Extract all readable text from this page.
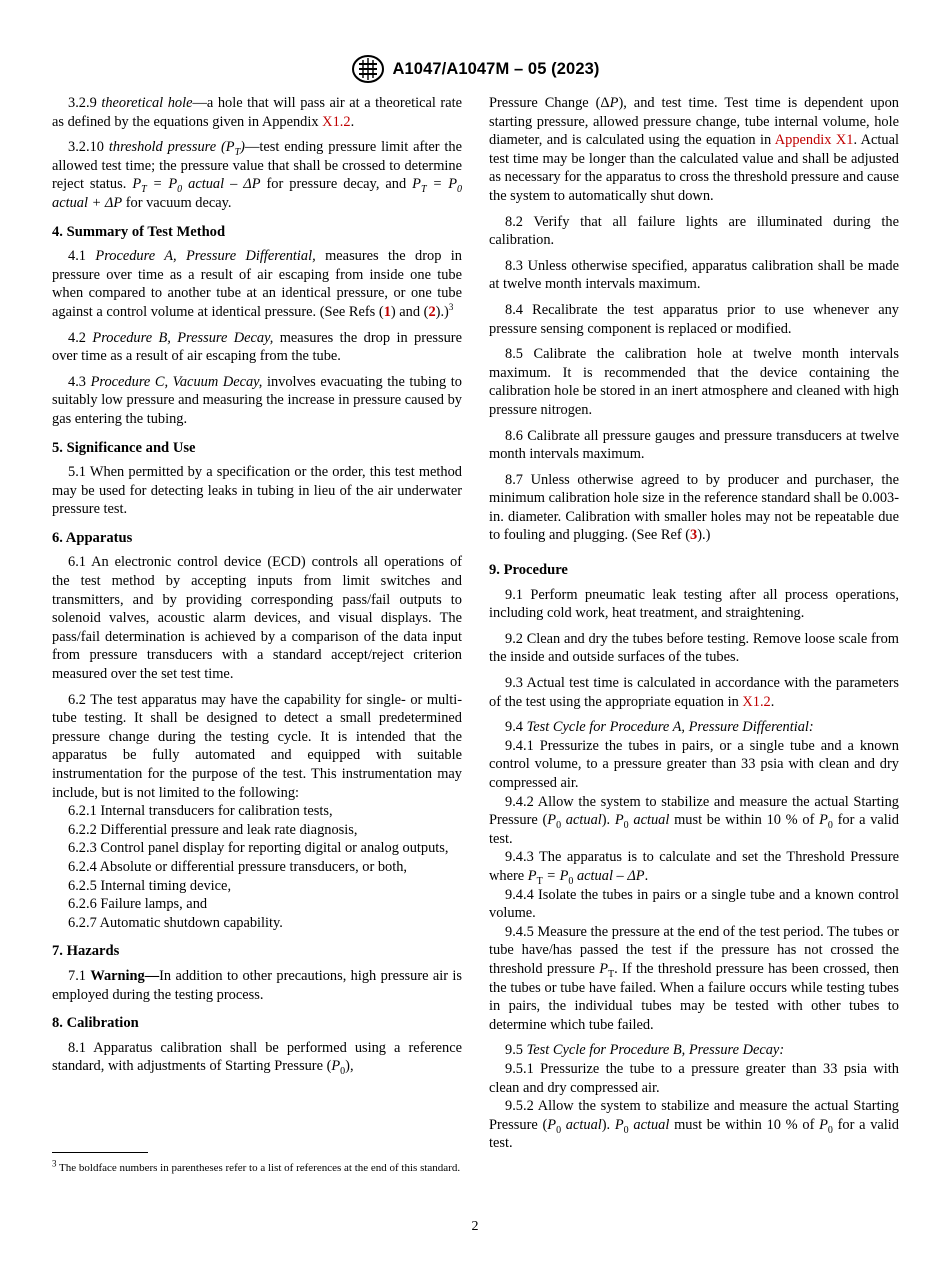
A1047/A1047M – 05 (2023)

3.2.9 theoretical hole—a hole that will pass air at a theoretical rate as defined by the equations given in Appendix X1.2.

3.2.10 threshold pressure $(P_T)—test$ ending pressure limit after the allowed test time; the pressure value that shall be crossed to determine reject status. $P_T = P_0$ actual – ΔP for pressure decay, and $P_T = P_0$ actual + ΔP for vacuum decay.

4. Summary of Test Method

4.1 Procedure A, Pressure Differential, measures the drop in pressure over time as a result of air escaping from inside one tube when compared to another tube at an identical pressure, or one tube against a control volume at identical pressure. (See Refs (1) and (2).)$^3$

4.2 Procedure B, Pressure Decay, measures the drop in pressure over time as a result of air escaping from the tube.

4.3 Procedure C, Vacuum Decay, involves evacuating the tubing to suitably low pressure and measuring the increase in pressure caused by gas entering the tubing.

5. Significance and Use

5.1 When permitted by a specification or the order, this test method may be used for detecting leaks in tubing in lieu of the air underwater pressure test.

6. Apparatus

6.1 An electronic control device (ECD) controls all operations of the test method by accepting inputs from limit switches and transmitters, and by providing corresponding pass/fail outputs to solenoid valves, acoustic alarm devices, and visual displays. The pass/fail determination is achieved by a comparison of the data input from pressure transducers with a standard accept/reject criterion measured over the set test time.

6.2 The test apparatus may have the capability for single- or multi-tube testing. It shall be designed to detect a small predetermined pressure change during the testing cycle. It is intended that the apparatus be fully automated and equipped with suitable instrumentation for the purpose of the test. This instrumentation may include, but is not limited to the following:

6.2.1 Internal transducers for calibration tests,

6.2.2 Differential pressure and leak rate diagnosis,

6.2.3 Control panel display for reporting digital or analog outputs,

6.2.4 Absolute or differential pressure transducers, or both,

6.2.5 Internal timing device,

6.2.6 Failure lamps, and

6.2.7 Automatic shutdown capability.

7. Hazards

7.1 Warning—In addition to other precautions, high pressure air is employed during the testing process.

8. Calibration

8.1 Apparatus calibration shall be performed using a reference standard, with adjustments of Starting Pressure $(P_0)$,

Pressure Change (ΔP), and test time. Test time is dependent upon starting pressure, allowed pressure change, tube internal volume, hole diameter, and is calculated using the equation in Appendix X1. Actual test time may be longer than the calculated value and shall be adjusted as necessary for the apparatus to cross the threshold pressure and cause the system to automatically shut down.

8.2 Verify that all failure lights are illuminated during the calibration.

8.3 Unless otherwise specified, apparatus calibration shall be made at twelve month intervals maximum.

8.4 Recalibrate the test apparatus prior to use whenever any pressure sensing component is replaced or modified.

8.5 Calibrate the calibration hole at twelve month intervals maximum. It is recommended that the device containing the calibration hole be stored in an inert atmosphere and cleaned with high pressure nitrogen.

8.6 Calibrate all pressure gauges and pressure transducers at twelve month intervals maximum.

8.7 Unless otherwise agreed to by producer and purchaser, the minimum calibration hole size in the reference standard shall be 0.003-in. diameter. Calibration with smaller holes may not be repeatable due to fouling and plugging. (See Ref (3).)

9. Procedure

9.1 Perform pneumatic leak testing after all process operations, including cold work, heat treatment, and straightening.

9.2 Clean and dry the tubes before testing. Remove loose scale from the inside and outside surfaces of the tubes.

9.3 Actual test time is calculated in accordance with the parameters of the test using the appropriate equation in X1.2.

9.4 Test Cycle for Procedure A, Pressure Differential:

9.4.1 Pressurize the tubes in pairs, or a single tube and a known control volume, to a pressure greater than 33 psia with clean and dry compressed air.

9.4.2 Allow the system to stabilize and measure the actual Starting Pressure ($P_0$ actual). $P_0$ actual must be within 10 % of $P_0$ for a valid test.

9.4.3 The apparatus is to calculate and set the Threshold Pressure where $P_T = P_0$ actual – ΔP.

9.4.4 Isolate the tubes in pairs or a single tube and a known control volume.

9.4.5 Measure the pressure at the end of the test period. The tubes or tube have/has passed the test if the pressure has not crossed the threshold pressure $P_T$. If the threshold pressure has been crossed, then the tubes or tube have failed. When a failure occurs while testing tubes in pairs, the individual tubes may be tested with other tubes to determine which tube failed.

9.5 Test Cycle for Procedure B, Pressure Decay:

9.5.1 Pressurize the tube to a pressure greater than 33 psia with clean and dry compressed air.

9.5.2 Allow the system to stabilize and measure the actual Starting Pressure ($P_0$ actual). $P_0$ actual must be within 10 % of $P_0$ for a valid test.

$^3$ The boldface numbers in parentheses refer to a list of references at the end of this standard.
2
